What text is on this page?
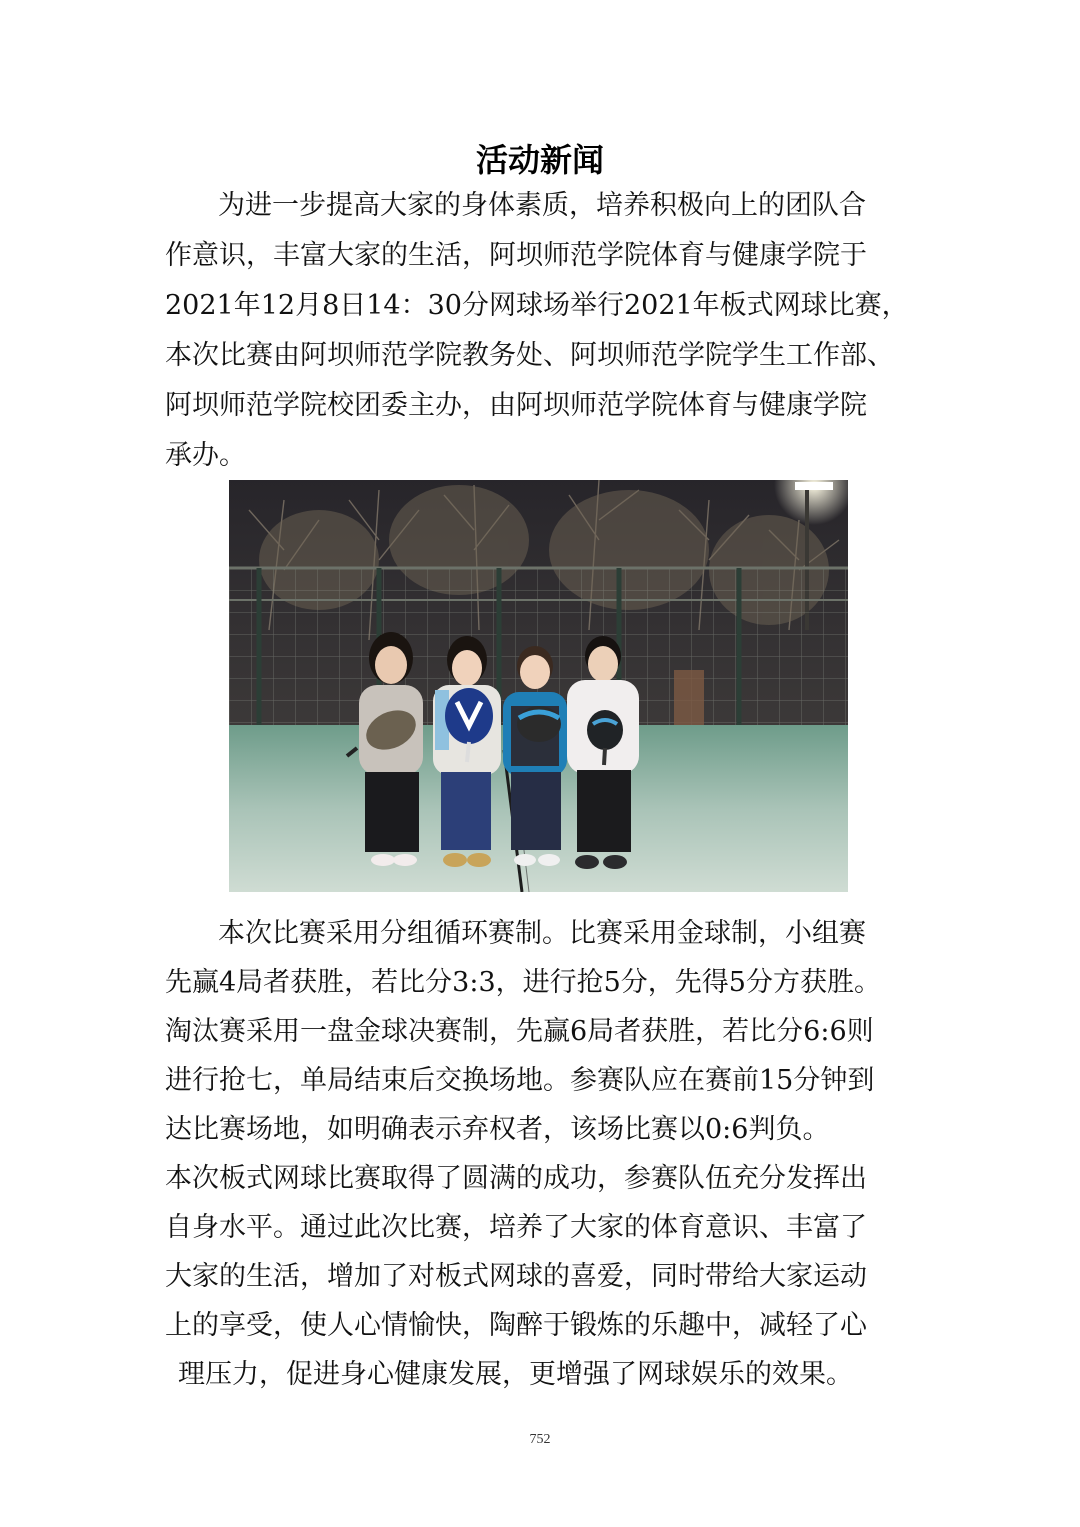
活动新闻

为进一步提高大家的身体素质，培养积极向上的团队合

作意识，丰富大家的生活，阿坝师范学院体育与健康学院于

2021年12月8日14：30分网球场举行2021年板式网球比赛，

本次比赛由阿坝师范学院教务处、阿坝师范学院学生工作部、

阿坝师范学院校团委主办，由阿坝师范学院体育与健康学院

承办。

本次比赛采用分组循环赛制。比赛采用金球制，小组赛

先赢4局者获胜，若比分3:3，进行抢5分，先得5分方获胜。

淘汰赛采用一盘金球决赛制，先赢6局者获胜，若比分6:6则

进行抢七，单局结束后交换场地。参赛队应在赛前15分钟到

达比赛场地，如明确表示弃权者，该场比赛以0:6判负。

本次板式网球比赛取得了圆满的成功，参赛队伍充分发挥出

自身水平。通过此次比赛，培养了大家的体育意识、丰富了

大家的生活，增加了对板式网球的喜爱，同时带给大家运动

上的享受，使人心情愉快，陶醉于锻炼的乐趣中，减轻了心

理压力，促进身心健康发展，更增强了网球娱乐的效果。

752
